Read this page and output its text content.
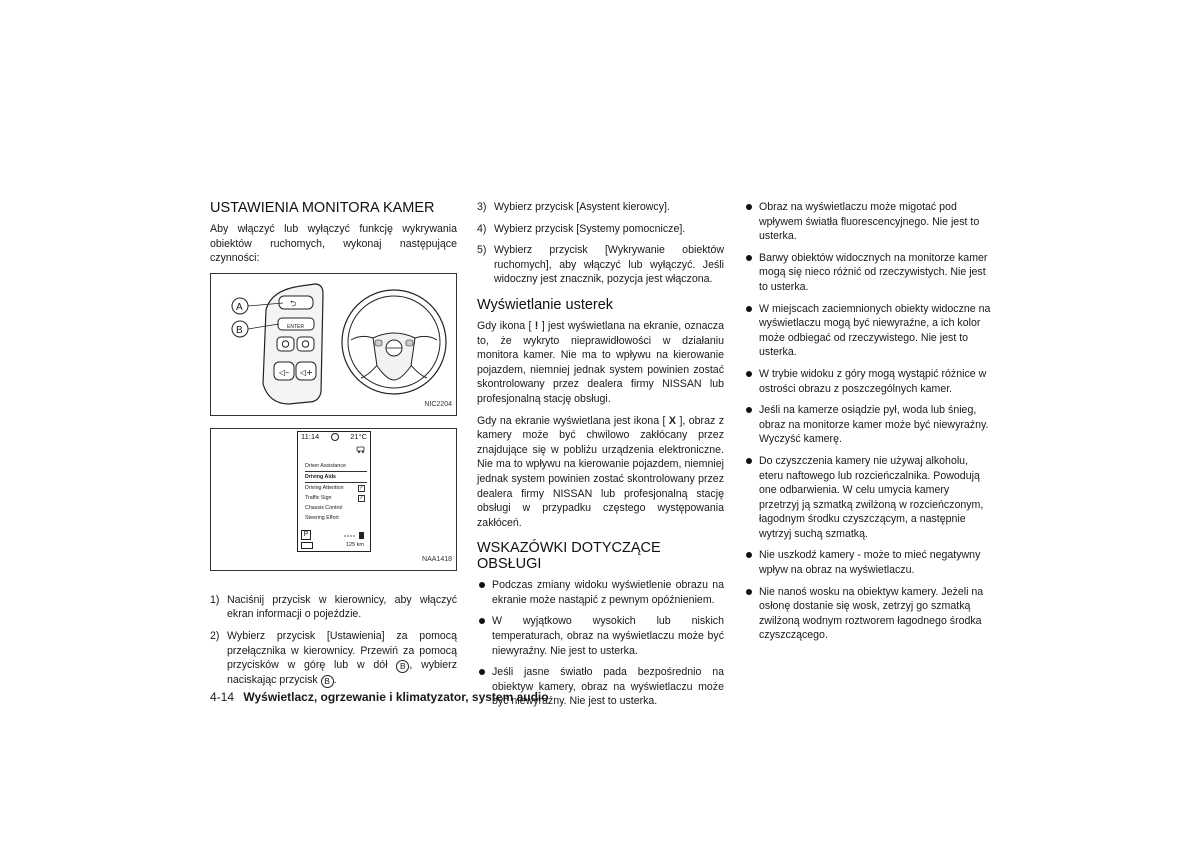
USTAWIENIA MONITORA KAMER

Aby włączyć lub wyłączyć funkcję wykrywania obiektów ruchomych, wykonaj następujące czynności:

◁– ◁+
A
B
⮌
ENTER
NIC2204
11:14	21°C
Driver Assistance
Driving Aids
Driving Attention	✓
Traffic Sign	✓
Chassis Control
Steering Effort
P
125 km
NAA1418
1) Naciśnij przycisk w kierownicy, aby włączyć ekran informacji o pojeździe.
2) Wybierz przycisk [Ustawienia] za pomocą przełącznika w kierownicy. Przewiń za pomocą przycisków w górę lub w dół B , wybierz naciskając przycisk B .
3) Wybierz przycisk [Asystent kierowcy].
4) Wybierz przycisk [Systemy pomocnicze].
5) Wybierz przycisk [Wykrywanie obiektów ruchomych], aby włączyć lub wyłączyć. Jeśli widoczny jest znacznik, pozycja jest włączona.
Wyświetlanie usterek

Gdy ikona [ ! ] jest wyświetlana na ekranie, oznacza to, że wykryto nieprawidłowości w działaniu monitora kamer. Nie ma to wpływu na kierowanie pojazdem, niemniej jednak system powinien zostać skontrolowany przez dealera firmy NISSAN lub profesjonalną stację obsługi.

Gdy na ekranie wyświetlana jest ikona [ X ], obraz z kamery może być chwilowo zakłócany przez znajdujące się w pobliżu urządzenia elektroniczne. Nie ma to wpływu na kierowanie pojazdem, niemniej jednak system powinien zostać skontrolowany przez dealera firmy NISSAN lub profesjonalną stację obsługi w przypadku częstego występowania zakłóceń.

WSKAZÓWKI DOTYCZĄCE OBSŁUGI
Podczas zmiany widoku wyświetlenie obrazu na ekranie może nastąpić z pewnym opóźnieniem.
W wyjątkowo wysokich lub niskich temperaturach, obraz na wyświetlaczu może być niewyraźny. Nie jest to usterka.
Jeśli jasne światło pada bezpośrednio na obiektyw kamery, obraz na wyświetlaczu może być niewyraźny. Nie jest to usterka.
Obraz na wyświetlaczu może migotać pod wpływem światła fluorescencyjnego. Nie jest to usterka.
Barwy obiektów widocznych na monitorze kamer mogą się nieco różnić od rzeczywistych. Nie jest to usterka.
W miejscach zaciemnionych obiekty widoczne na wyświetlaczu mogą być niewyraźne, a ich kolor może odbiegać od rzeczywistego. Nie jest to usterka.
W trybie widoku z góry mogą wystąpić różnice w ostrości obrazu z poszczególnych kamer.
Jeśli na kamerze osiądzie pył, woda lub śnieg, obraz na monitorze kamer może być niewyraźny. Wyczyść kamerę.
Do czyszczenia kamery nie używaj alkoholu, eteru naftowego lub rozcieńczalnika. Powodują one odbarwienia. W celu umycia kamery przetrzyj ją szmatką zwilżoną w rozcieńczonym, łagodnym środku czyszczącym, a następnie wytrzyj suchą szmatką.
Nie uszkodź kamery - może to mieć negatywny wpływ na obraz na wyświetlaczu.
Nie nanoś wosku na obiektyw kamery. Jeżeli na osłonę dostanie się wosk, zetrzyj go szmatką zwilżoną wodnym roztworem łagodnego środka czyszczącego.
4-14 Wyświetlacz, ogrzewanie i klimatyzator, system audio
